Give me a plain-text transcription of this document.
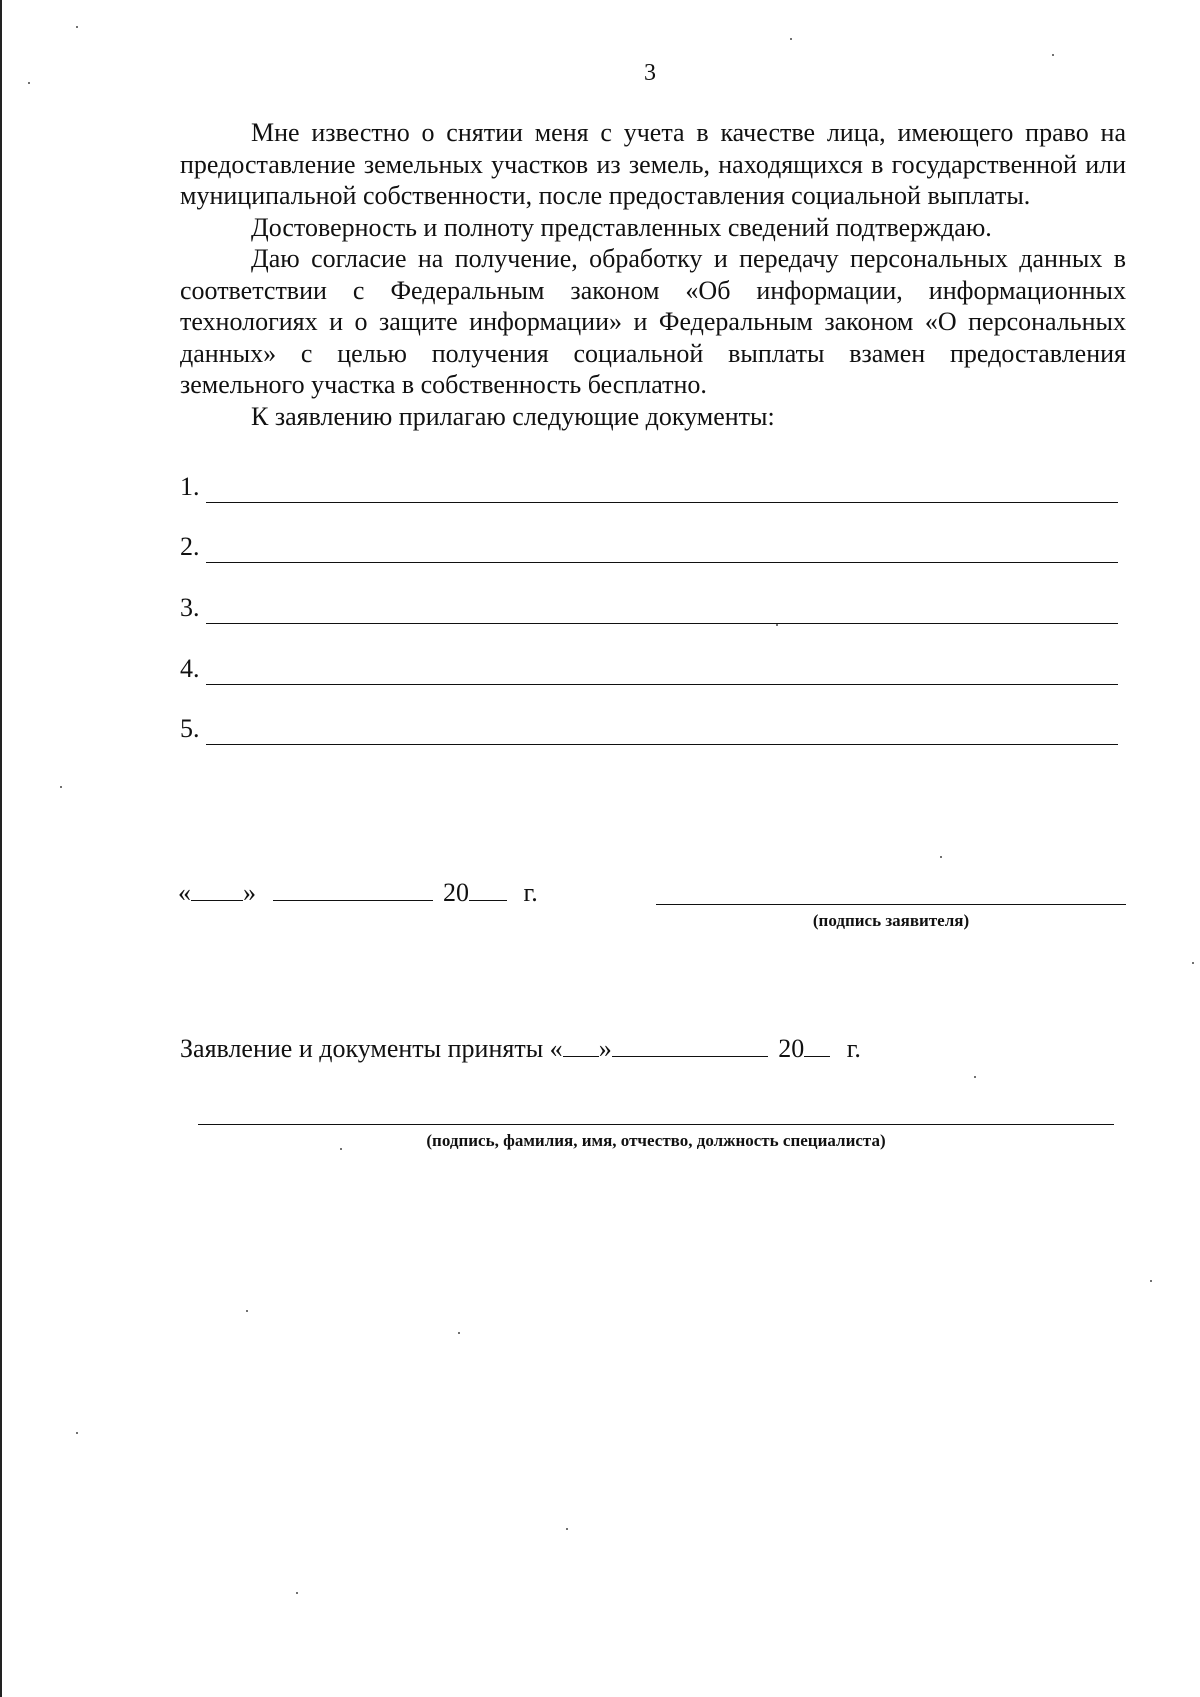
3

Мне известно о снятии меня с учета в качестве лица, имеющего право на предоставление земельных участков из земель, находящихся в государственной или муниципальной собственности, после предоставления социальной выплаты.

Достоверность и полноту представленных сведений подтверждаю.

Даю согласие на получение, обработку и передачу персональных данных в соответствии с Федеральным законом «Об информации, информационных технологиях и о защите информации» и Федеральным законом «О персональных данных» с целью получения социальной выплаты взамен предоставления земельного участка в собственность бесплатно.

К заявлению прилагаю следующие документы:

1.
2.
3.
4.
5.
« »	20 г.
(подпись заявителя)
Заявление и документы приняты « »	20 г.
(подпись, фамилия, имя, отчество, должность специалиста)
